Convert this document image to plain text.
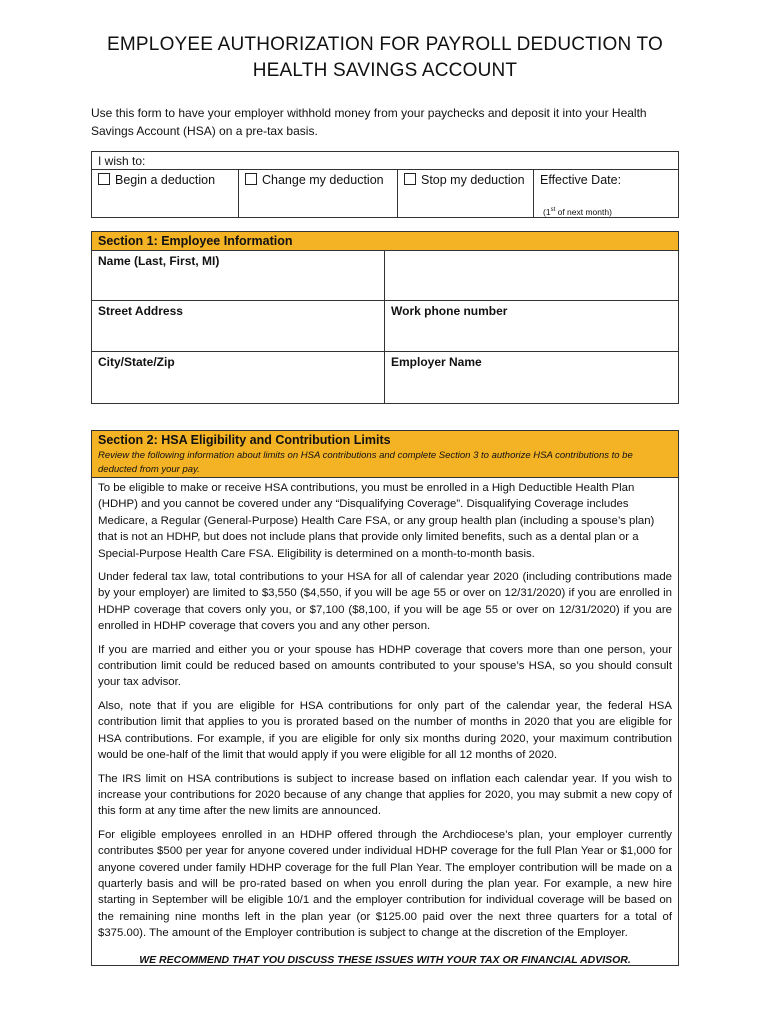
EMPLOYEE AUTHORIZATION FOR PAYROLL DEDUCTION TO
HEALTH SAVINGS ACCOUNT
Use this form to have your employer withhold money from your paychecks and deposit it into your Health Savings Account (HSA) on a pre-tax basis.
I wish to:
Begin a deduction	Change my deduction	Stop my deduction	Effective Date:
(1st of next month)
Section 1: Employee Information
Name (Last, First, MI)
Street Address	Work phone number
City/State/Zip	Employer Name
Section 2: HSA Eligibility and Contribution Limits
Review the following information about limits on HSA contributions and complete Section 3 to authorize HSA contributions to be deducted from your pay.

To be eligible to make or receive HSA contributions, you must be enrolled in a High Deductible Health Plan (HDHP) and you cannot be covered under any “Disqualifying Coverage”. Disqualifying Coverage includes Medicare, a Regular (General-Purpose) Health Care FSA, or any group health plan (including a spouse’s plan) that is not an HDHP, but does not include plans that provide only limited benefits, such as a dental plan or a Special-Purpose Health Care FSA. Eligibility is determined on a month-to-month basis.

Under federal tax law, total contributions to your HSA for all of calendar year 2020 (including contributions made by your employer) are limited to $3,550 ($4,550, if you will be age 55 or over on 12/31/2020) if you are enrolled in HDHP coverage that covers only you, or $7,100 ($8,100, if you will be age 55 or over on 12/31/2020) if you are enrolled in HDHP coverage that covers you and any other person.

If you are married and either you or your spouse has HDHP coverage that covers more than one person, your contribution limit could be reduced based on amounts contributed to your spouse’s HSA, so you should consult your tax advisor.

Also, note that if you are eligible for HSA contributions for only part of the calendar year, the federal HSA contribution limit that applies to you is prorated based on the number of months in 2020 that you are eligible for HSA contributions. For example, if you are eligible for only six months during 2020, your maximum contribution would be one-half of the limit that would apply if you were eligible for all 12 months of 2020.

The IRS limit on HSA contributions is subject to increase based on inflation each calendar year. If you wish to increase your contributions for 2020 because of any change that applies for 2020, you may submit a new copy of this form at any time after the new limits are announced.

For eligible employees enrolled in an HDHP offered through the Archdiocese’s plan, your employer currently contributes $500 per year for anyone covered under individual HDHP coverage for the full Plan Year or $1,000 for anyone covered under family HDHP coverage for the full Plan Year. The employer contribution will be made on a quarterly basis and will be pro-rated based on when you enroll during the plan year. For example, a new hire starting in September will be eligible 10/1 and the employer contribution for individual coverage will be based on the remaining nine months left in the plan year (or $125.00 paid over the next three quarters for a total of $375.00). The amount of the Employer contribution is subject to change at the discretion of the Employer.

WE RECOMMEND THAT YOU DISCUSS THESE ISSUES WITH YOUR TAX OR FINANCIAL ADVISOR.
